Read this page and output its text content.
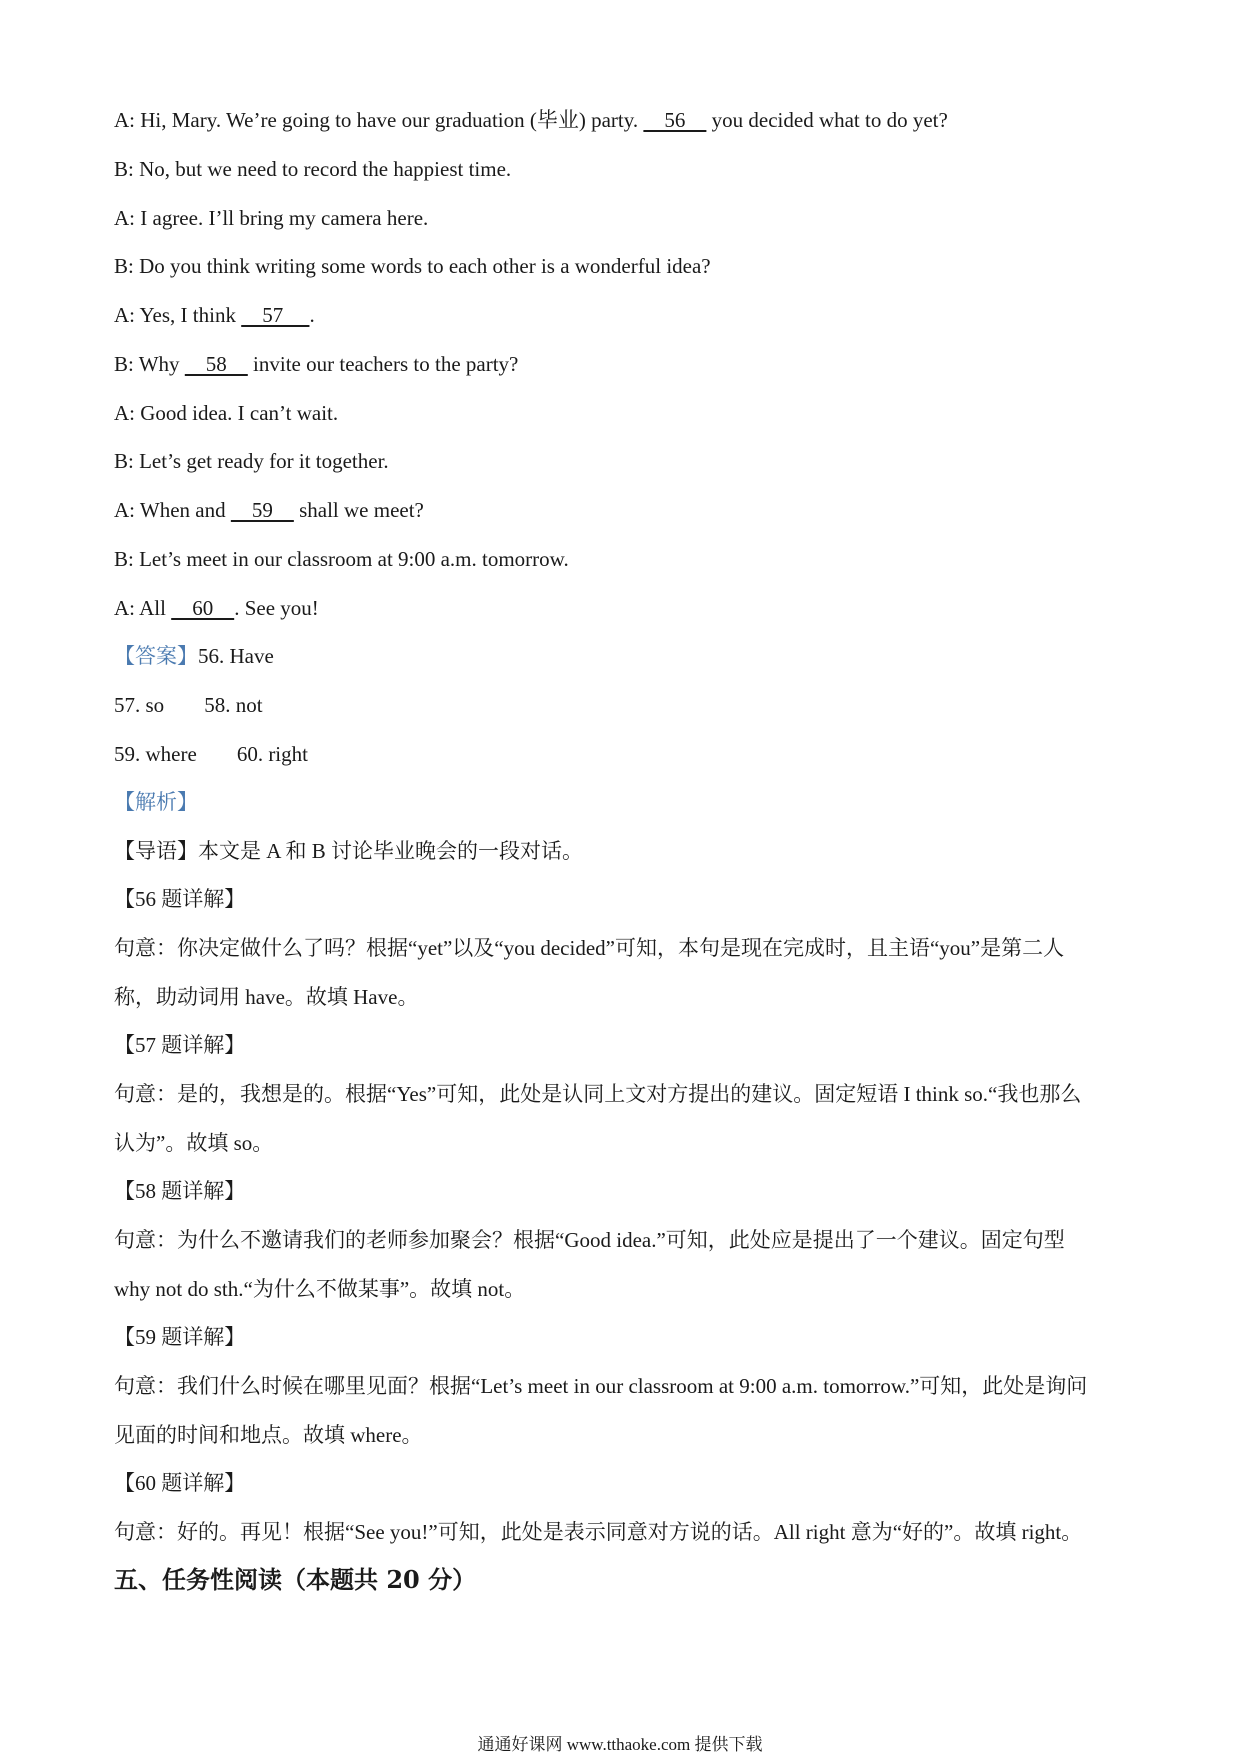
A: Hi, Mary. We’re going to have our graduation (毕业) party.     56     you decided what to do yet?
B: No, but we need to record the happiest time.
A: I agree. I’ll bring my camera here.
B: Do you think writing some words to each other is a wonderful idea?
A: Yes, I think     57     .
B: Why     58     invite our teachers to the party?
A: Good idea. I can’t wait.
B: Let’s get ready for it together.
A: When and     59     shall we meet?
B: Let’s meet in our classroom at 9:00 a.m. tomorrow.
A: All     60    . See you!
【答案】56. Have
57. so 58. not
59. where 60. right
【解析】
【导语】本文是 A 和 B 讨论毕业晚会的一段对话。
【56 题详解】
句意：你决定做什么了吗？根据“yet”以及“you decided”可知，本句是现在完成时，且主语“you”是第二人
称，助动词用 have。故填 Have。
【57 题详解】
句意：是的，我想是的。根据“Yes”可知，此处是认同上文对方提出的建议。固定短语 I think so.“我也那么
认为”。故填 so。
【58 题详解】
句意：为什么不邀请我们的老师参加聚会？根据“Good idea.”可知，此处应是提出了一个建议。固定句型
why not do sth.“为什么不做某事”。故填 not。
【59 题详解】
句意：我们什么时候在哪里见面？根据“Let’s meet in our classroom at 9:00 a.m. tomorrow.”可知，此处是询问
见面的时间和地点。故填 where。
【60 题详解】
句意：好的。再见！根据“See you!”可知，此处是表示同意对方说的话。All right 意为“好的”。故填 right。
五、任务性阅读（本题共 20 分）
通通好课网 www.tthaoke.com 提供下载
